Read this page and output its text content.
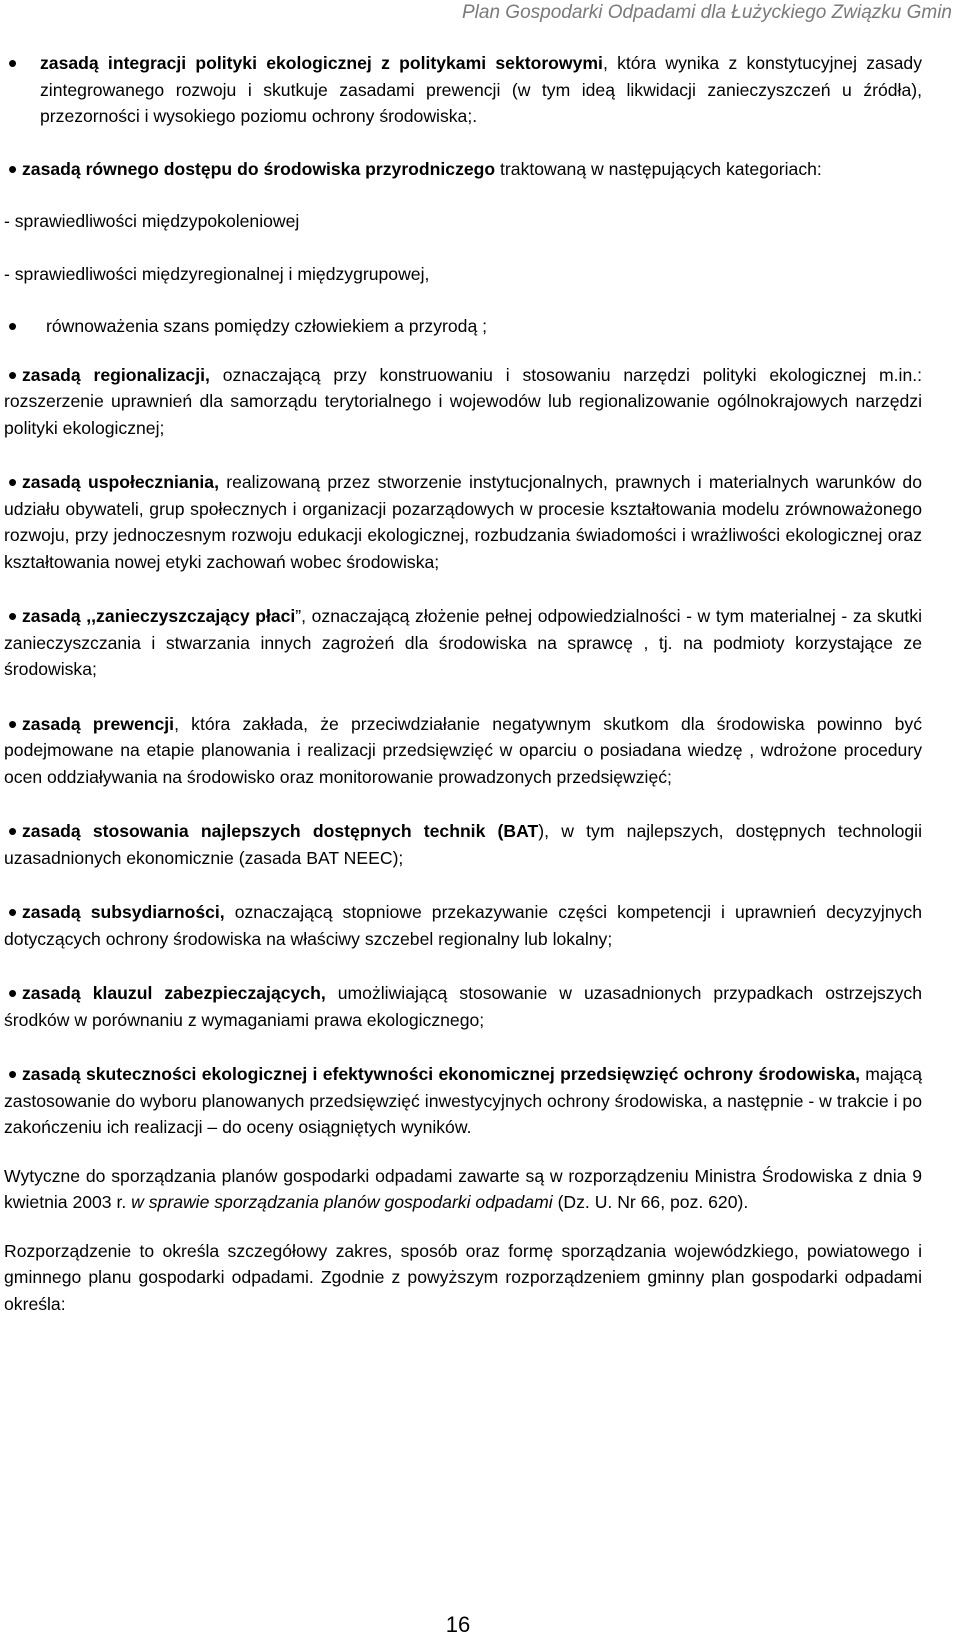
Plan Gospodarki Odpadami dla Łużyckiego Związku Gmin

• zasadą integracji polityki ekologicznej z politykami sektorowymi, która wynika z konstytucyjnej zasady zintegrowanego rozwoju i skutkuje zasadami prewencji (w tym ideą likwidacji zanieczyszczeń u źródła), przezorności i wysokiego poziomu ochrony środowiska;.

• zasadą równego dostępu do środowiska przyrodniczego traktowaną w następujących kategoriach:

- sprawiedliwości międzypokoleniowej

- sprawiedliwości międzyregionalnej i międzygrupowej,

• równoważenia szans pomiędzy człowiekiem a przyrodą ;

• zasadą regionalizacji, oznaczającą przy konstruowaniu i stosowaniu narzędzi polityki ekologicznej m.in.: rozszerzenie uprawnień dla samorządu terytorialnego i wojewodów lub regionalizowanie ogólnokrajowych narzędzi polityki ekologicznej;

• zasadą uspołeczniania, realizowaną przez stworzenie instytucjonalnych, prawnych i materialnych warunków do udziału obywateli, grup społecznych i organizacji pozarządowych w procesie kształtowania modelu zrównoważonego rozwoju, przy jednoczesnym rozwoju edukacji ekologicznej, rozbudzania świadomości i wrażliwości ekologicznej oraz kształtowania nowej etyki zachowań wobec środowiska;

• zasadą ,,zanieczyszczający płaci”, oznaczającą złożenie pełnej odpowiedzialności - w tym materialnej - za skutki zanieczyszczania i stwarzania innych zagrożeń dla środowiska na sprawcę , tj. na podmioty korzystające ze środowiska;

• zasadą prewencji, która zakłada, że przeciwdziałanie negatywnym skutkom dla środowiska powinno być podejmowane na etapie planowania i realizacji przedsięwzięć w oparciu o posiadana wiedzę , wdrożone procedury ocen oddziaływania na środowisko oraz monitorowanie prowadzonych przedsięwzięć;

• zasadą stosowania najlepszych dostępnych technik (BAT), w tym najlepszych, dostępnych technologii uzasadnionych ekonomicznie (zasada BAT NEEC);

• zasadą subsydiarności, oznaczającą stopniowe przekazywanie części kompetencji i uprawnień decyzyjnych dotyczących ochrony środowiska na właściwy szczebel regionalny lub lokalny;

• zasadą klauzul zabezpieczających, umożliwiającą stosowanie w uzasadnionych przypadkach ostrzejszych środków w porównaniu z wymaganiami prawa ekologicznego;

• zasadą skuteczności ekologicznej i efektywności ekonomicznej przedsięwzięć ochrony środowiska, mającą zastosowanie do wyboru planowanych przedsięwzięć inwestycyjnych ochrony środowiska, a następnie - w trakcie i po zakończeniu ich realizacji – do oceny osiągniętych wyników.

Wytyczne do sporządzania planów gospodarki odpadami zawarte są w rozporządzeniu Ministra Środowiska z dnia 9 kwietnia 2003 r. w sprawie sporządzania planów gospodarki odpadami (Dz. U. Nr 66, poz. 620).

Rozporządzenie to określa szczegółowy zakres, sposób oraz formę sporządzania wojewódzkiego, powiatowego i gminnego planu gospodarki odpadami. Zgodnie z powyższym rozporządzeniem gminny plan gospodarki odpadami określa:

16
